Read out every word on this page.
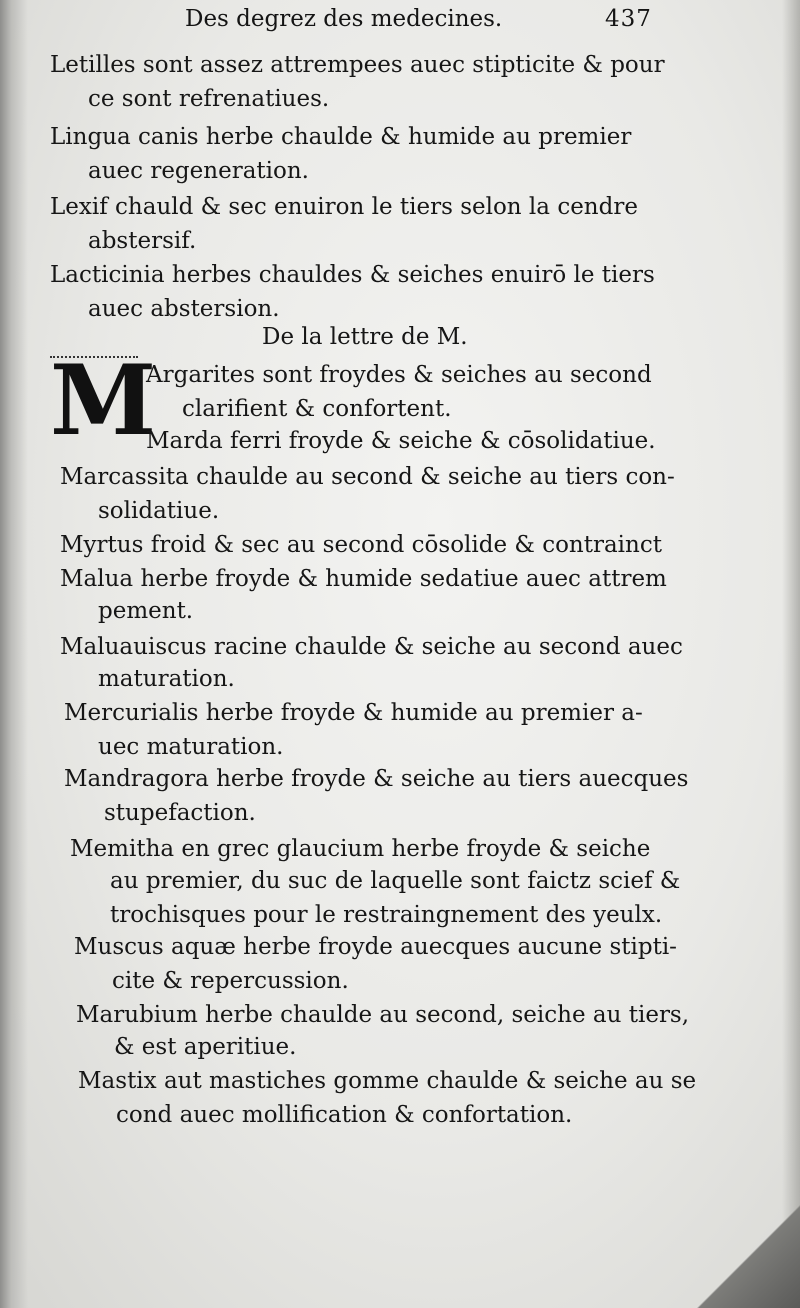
Des degrez des medecines.	437
Letilles sont assez attrempees auec stipticite & pour
ce sont refrenatiues.
Lingua canis herbe chaulde & humide au premier
auec regeneration.
Lexif chauld & sec enuiron le tiers selon la cendre
abstersif.
Lacticinia herbes chauldes & seiches enuirō le tiers
auec abstersion.
De la lettre de M.
M
Argarites sont froydes & seiches au second
clarifient & confortent.
Marda ferri froyde & seiche & cōsolidatiue.
Marcassita chaulde au second & seiche au tiers con-
solidatiue.
Myrtus froid & sec au second cōsolide & contrainct
Malua herbe froyde & humide sedatiue auec attrem
pement.
Maluauiscus racine chaulde & seiche au second auec
maturation.
Mercurialis herbe froyde & humide au premier a-
uec maturation.
Mandragora herbe froyde & seiche au tiers auecques
stupefaction.
Memitha en grec glaucium herbe froyde & seiche
au premier, du suc de laquelle sont faictz scief &
trochisques pour le restraingnement des yeulx.
Muscus aquæ herbe froyde auecques aucune stipti-
cite & repercussion.
Marubium herbe chaulde au second, seiche au tiers,
& est aperitiue.
Mastix aut mastiches gomme chaulde & seiche au se
cond auec mollification & confortation.
